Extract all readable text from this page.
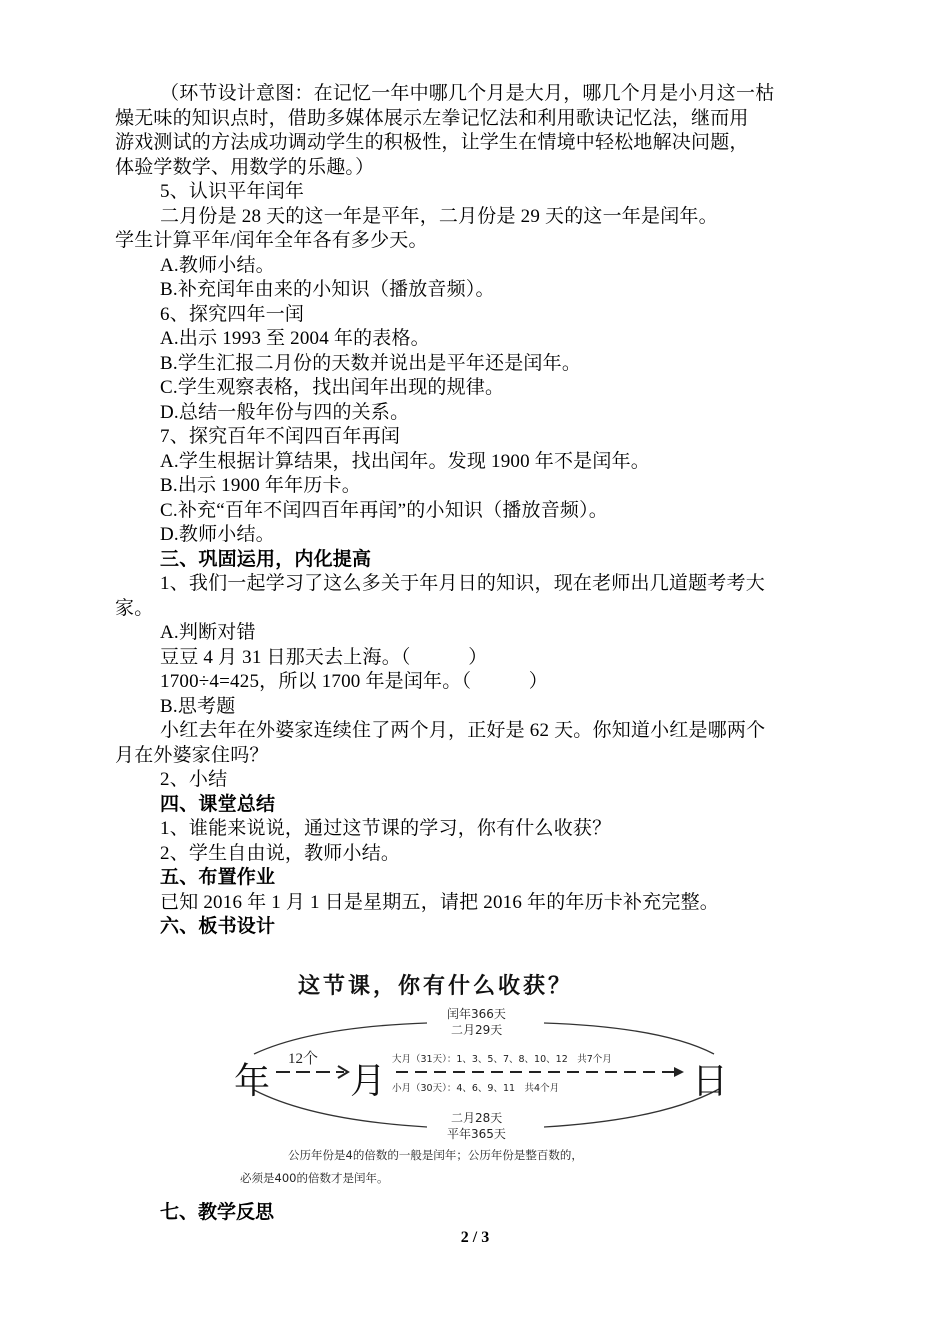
（环节设计意图：在记忆一年中哪几个月是大月，哪几个月是小月这一枯
燥无味的知识点时，借助多媒体展示左拳记忆法和利用歌诀记忆法，继而用
游戏测试的方法成功调动学生的积极性，让学生在情境中轻松地解决问题，
体验学数学、用数学的乐趣。）
5、认识平年闰年
二月份是 28 天的这一年是平年，二月份是 29 天的这一年是闰年。
学生计算平年/闰年全年各有多少天。
A.教师小结。
B.补充闰年由来的小知识（播放音频）。
6、探究四年一闰
A.出示 1993 至 2004 年的表格。
B.学生汇报二月份的天数并说出是平年还是闰年。
C.学生观察表格，找出闰年出现的规律。
D.总结一般年份与四的关系。
7、探究百年不闰四百年再闰
A.学生根据计算结果，找出闰年。发现 1900 年不是闰年。
B.出示 1900 年年历卡。
C.补充“百年不闰四百年再闰”的小知识（播放音频）。
D.教师小结。
三、巩固运用，内化提高
1、我们一起学习了这么多关于年月日的知识，现在老师出几道题考考大
家。
A.判断对错
豆豆 4 月 31 日那天去上海。（　　　）
1700÷4=425，所以 1700 年是闰年。（　　　）
B.思考题
小红去年在外婆家连续住了两个月，正好是 62 天。你知道小红是哪两个
月在外婆家住吗？
2、小结
四、课堂总结
1、谁能来说说，通过这节课的学习，你有什么收获？
2、学生自由说，教师小结。
五、布置作业
已知 2016 年 1 月 1 日是星期五，请把 2016 年的年历卡补充完整。
六、板书设计
这节课，你有什么收获？
闰年366天
二月29天
年
12个
月	日
大月（31天）：1、3、5、7、8、10、12　共7个月
小月（30天）：4、6、9、11　共4个月
二月28天
平年365天
公历年份是4的倍数的一般是闰年；公历年份是整百数的，
必须是400的倍数才是闰年。
七、教学反思
2 / 3
